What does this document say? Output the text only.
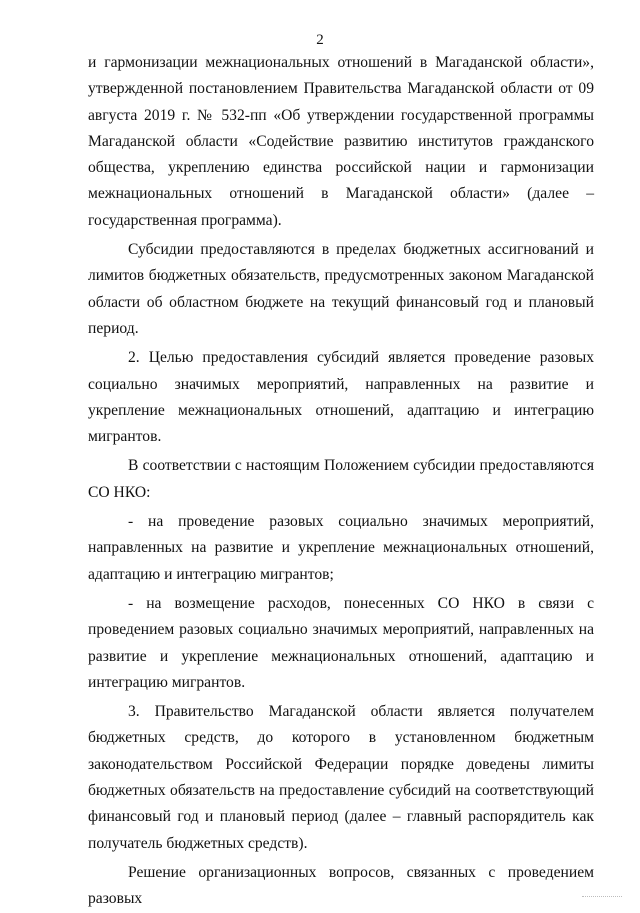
2

и гармонизации межнациональных отношений в Магаданской области», утвержденной постановлением Правительства Магаданской области от 09 августа 2019 г. № 532-пп «Об утверждении государственной программы Магаданской области «Содействие развитию институтов гражданского общества, укреплению единства российской нации и гармонизации межнациональных отношений в Магаданской области» (далее – государственная программа).

Субсидии предоставляются в пределах бюджетных ассигнований и лимитов бюджетных обязательств, предусмотренных законом Магаданской области об областном бюджете на текущий финансовый год и плановый период.

2. Целью предоставления субсидий является проведение разовых социально значимых мероприятий, направленных на развитие и укрепление межнациональных отношений, адаптацию и интеграцию мигрантов.

В соответствии с настоящим Положением субсидии предоставляются СО НКО:

- на проведение разовых социально значимых мероприятий, направленных на развитие и укрепление межнациональных отношений, адаптацию и интеграцию мигрантов;

- на возмещение расходов, понесенных СО НКО в связи с проведением разовых социально значимых мероприятий, направленных на развитие и укрепление межнациональных отношений, адаптацию и интеграцию мигрантов.

3. Правительство Магаданской области является получателем бюджетных средств, до которого в установленном бюджетным законодательством Российской Федерации порядке доведены лимиты бюджетных обязательств на предоставление субсидий на соответствующий финансовый год и плановый период (далее – главный распорядитель как получатель бюджетных средств).

Решение организационных вопросов, связанных с проведением разовых
